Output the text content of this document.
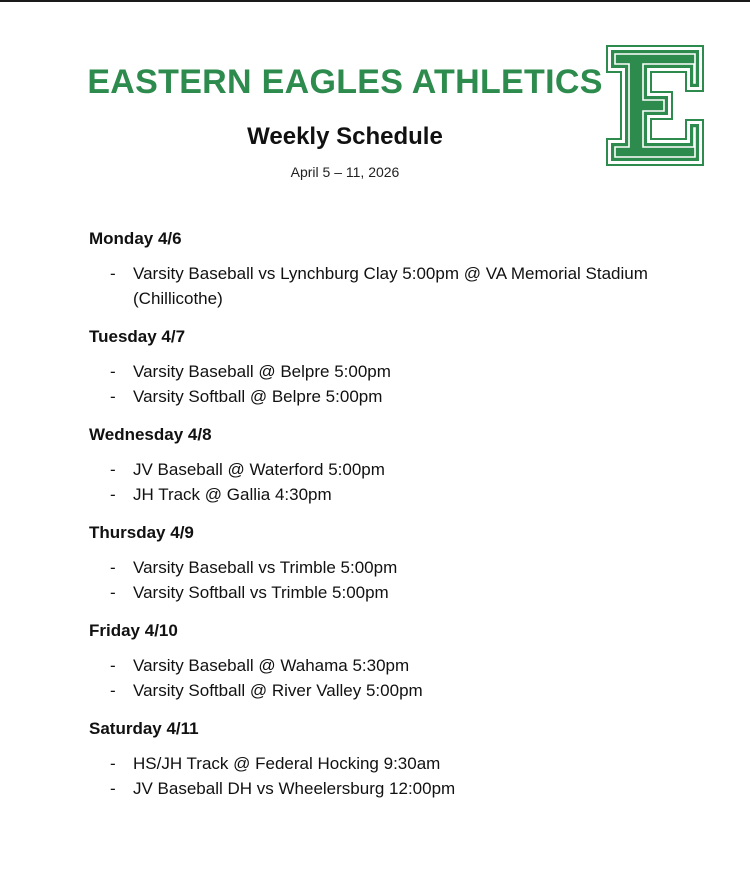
EASTERN EAGLES ATHLETICS
Weekly Schedule
April 5 – 11, 2026
Monday 4/6
- Varsity Baseball vs Lynchburg Clay 5:00pm @ VA Memorial Stadium (Chillicothe)
Tuesday 4/7
- Varsity Baseball @ Belpre 5:00pm
- Varsity Softball @ Belpre 5:00pm
Wednesday 4/8
- JV Baseball @ Waterford 5:00pm
- JH Track @ Gallia 4:30pm
Thursday 4/9
- Varsity Baseball vs Trimble 5:00pm
- Varsity Softball vs Trimble 5:00pm
Friday 4/10
- Varsity Baseball @ Wahama 5:30pm
- Varsity Softball @ River Valley 5:00pm
Saturday 4/11
- HS/JH Track @ Federal Hocking 9:30am
- JV Baseball DH vs Wheelersburg 12:00pm
